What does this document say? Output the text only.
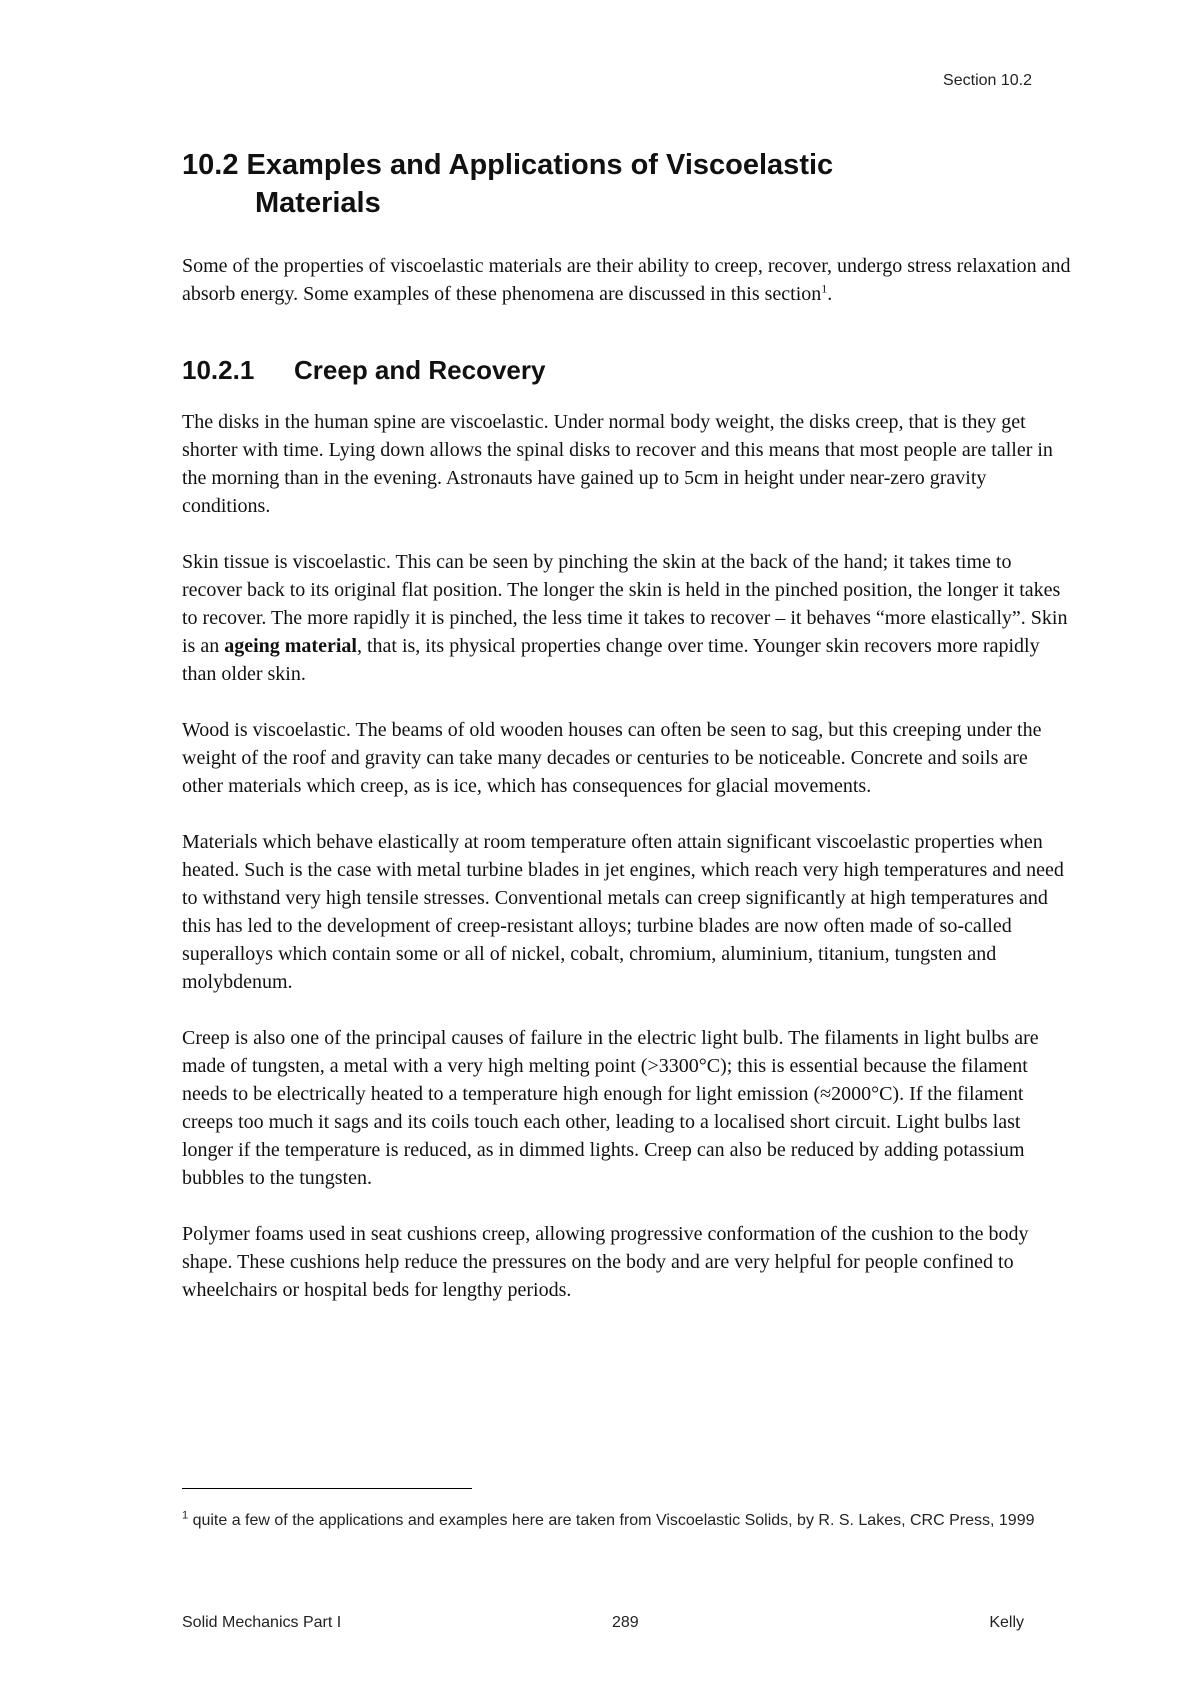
Section 10.2
10.2 Examples and Applications of Viscoelastic
Materials

Some of the properties of viscoelastic materials are their ability to creep, recover, undergo stress relaxation and absorb energy. Some examples of these phenomena are discussed in this section$^1$.

10.2.1 Creep and Recovery

The disks in the human spine are viscoelastic. Under normal body weight, the disks creep, that is they get shorter with time. Lying down allows the spinal disks to recover and this means that most people are taller in the morning than in the evening. Astronauts have gained up to 5cm in height under near-zero gravity conditions.

Skin tissue is viscoelastic. This can be seen by pinching the skin at the back of the hand; it takes time to recover back to its original flat position. The longer the skin is held in the pinched position, the longer it takes to recover. The more rapidly it is pinched, the less time it takes to recover – it behaves “more elastically”. Skin is an ageing material, that is, its physical properties change over time. Younger skin recovers more rapidly than older skin.

Wood is viscoelastic. The beams of old wooden houses can often be seen to sag, but this creeping under the weight of the roof and gravity can take many decades or centuries to be noticeable. Concrete and soils are other materials which creep, as is ice, which has consequences for glacial movements.

Materials which behave elastically at room temperature often attain significant viscoelastic properties when heated. Such is the case with metal turbine blades in jet engines, which reach very high temperatures and need to withstand very high tensile stresses. Conventional metals can creep significantly at high temperatures and this has led to the development of creep-resistant alloys; turbine blades are now often made of so-called superalloys which contain some or all of nickel, cobalt, chromium, aluminium, titanium, tungsten and molybdenum.

Creep is also one of the principal causes of failure in the electric light bulb. The filaments in light bulbs are made of tungsten, a metal with a very high melting point (>3300°C); this is essential because the filament needs to be electrically heated to a temperature high enough for light emission (≈2000°C). If the filament creeps too much it sags and its coils touch each other, leading to a localised short circuit. Light bulbs last longer if the temperature is reduced, as in dimmed lights. Creep can also be reduced by adding potassium bubbles to the tungsten.

Polymer foams used in seat cushions creep, allowing progressive conformation of the cushion to the body shape. These cushions help reduce the pressures on the body and are very helpful for people confined to wheelchairs or hospital beds for lengthy periods.

$^1$ quite a few of the applications and examples here are taken from Viscoelastic Solids, by R. S. Lakes, CRC Press, 1999
Solid Mechanics Part I	289	Kelly
